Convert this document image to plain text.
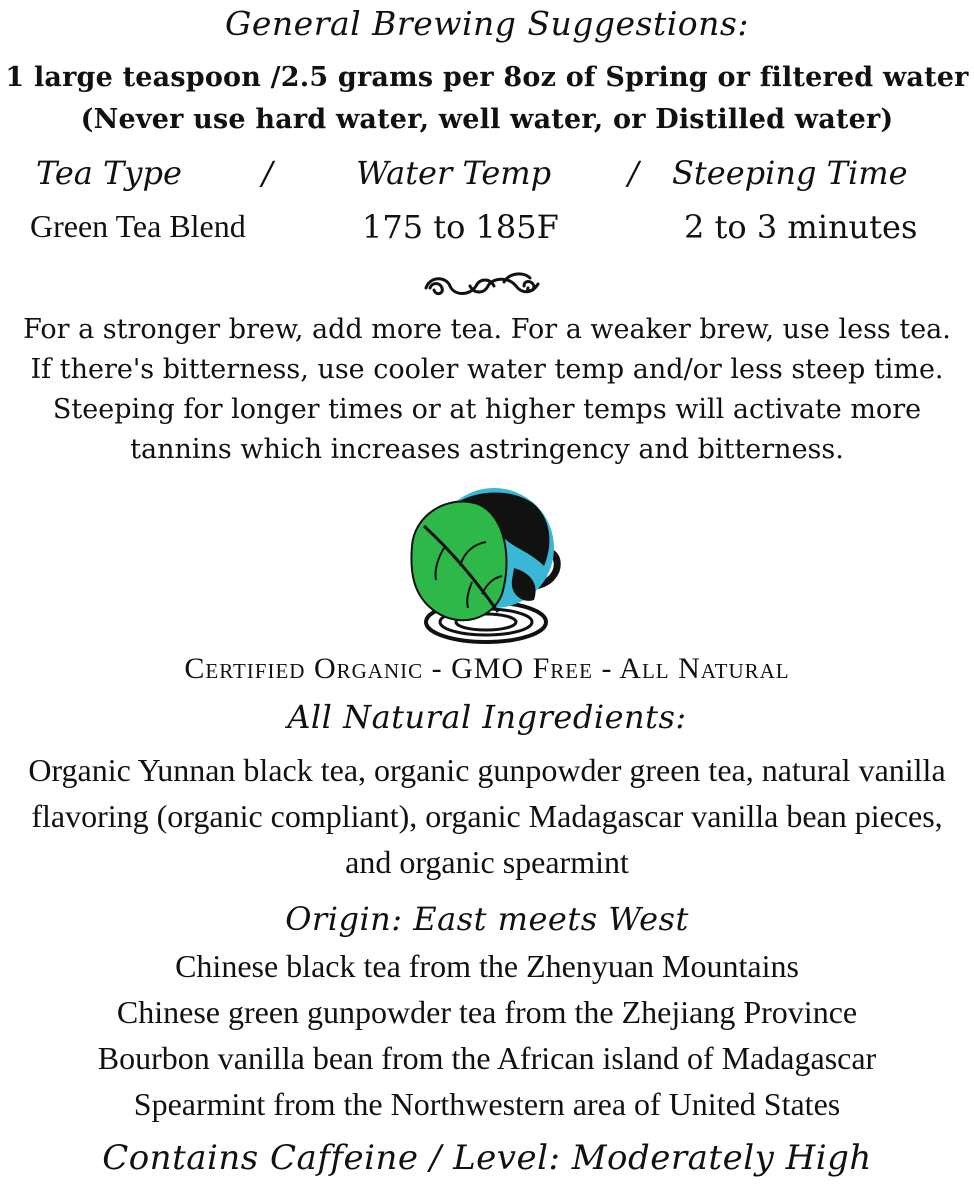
General Brewing Suggestions:
1 large teaspoon /2.5 grams per 8oz of Spring or filtered water
(Never use hard water, well water, or Distilled water)
Tea Type	/	Water Temp / Steeping Time
Green Tea Blend	175 to 185F	2 to 3 minutes
For a stronger brew, add more tea. For a weaker brew, use less tea.
If there's bitterness, use cooler water temp and/or less steep time.
Steeping for longer times or at higher temps will activate more
tannins which increases astringency and bitterness.
Certified Organic - GMO Free - All Natural
All Natural Ingredients:
Organic Yunnan black tea, organic gunpowder green tea, natural vanilla
flavoring (organic compliant), organic Madagascar vanilla bean pieces,
and organic spearmint
Origin: East meets West
Chinese black tea from the Zhenyuan Mountains
Chinese green gunpowder tea from the Zhejiang Province
Bourbon vanilla bean from the African island of Madagascar
Spearmint from the Northwestern area of United States
Contains Caffeine / Level: Moderately High
